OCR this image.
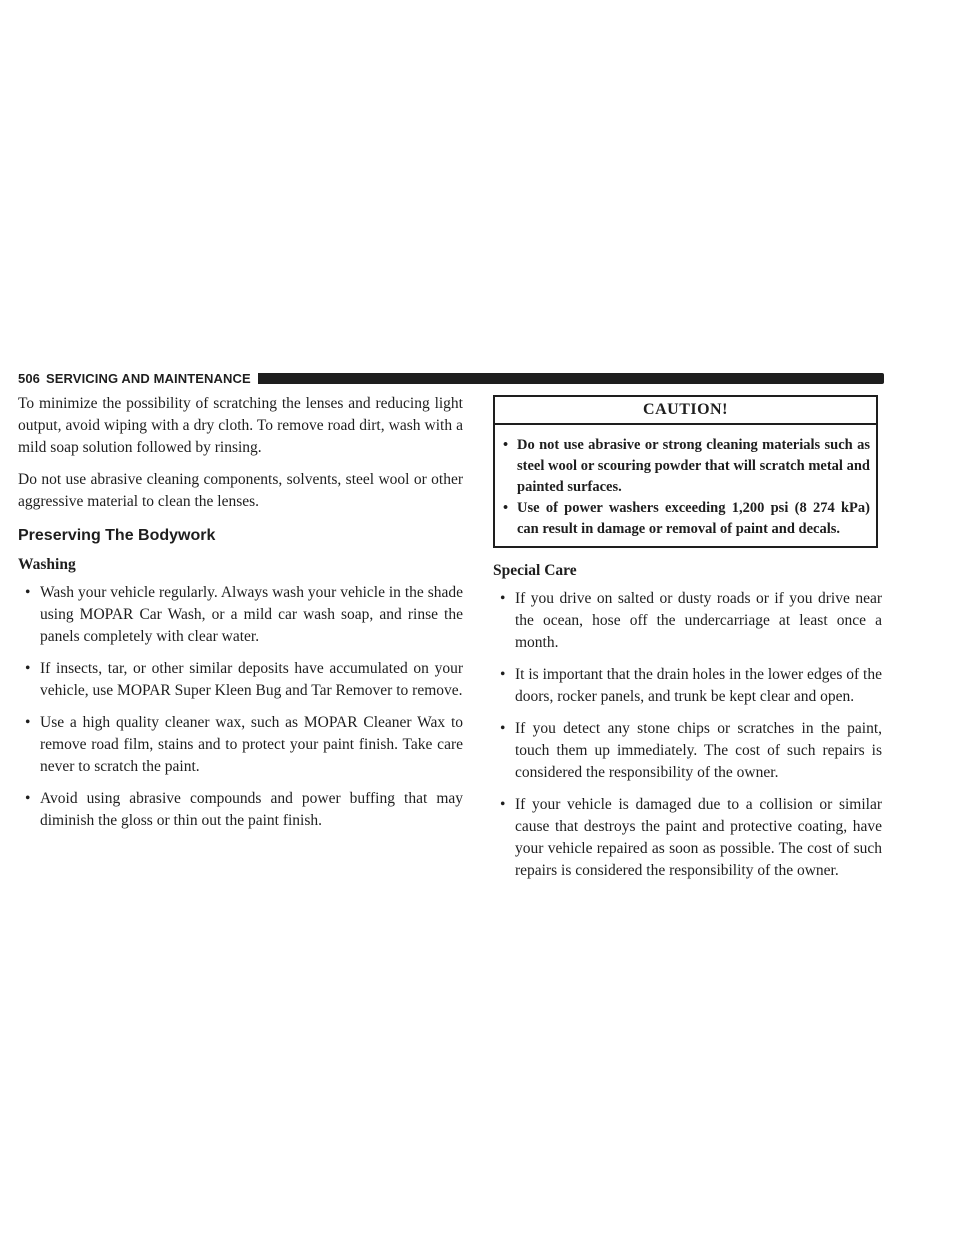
506 SERVICING AND MAINTENANCE

To minimize the possibility of scratching the lenses and reducing light output, avoid wiping with a dry cloth. To remove road dirt, wash with a mild soap solution followed by rinsing.

Do not use abrasive cleaning components, solvents, steel wool or other aggressive material to clean the lenses.

Preserving The Bodywork
Washing
• Wash your vehicle regularly. Always wash your vehicle in the shade using MOPAR Car Wash, or a mild car wash soap, and rinse the panels completely with clear water.
• If insects, tar, or other similar deposits have accumulated on your vehicle, use MOPAR Super Kleen Bug and Tar Remover to remove.
• Use a high quality cleaner wax, such as MOPAR Cleaner Wax to remove road film, stains and to protect your paint finish. Take care never to scratch the paint.
• Avoid using abrasive compounds and power buffing that may diminish the gloss or thin out the paint finish.
CAUTION!
• Do not use abrasive or strong cleaning materials such as steel wool or scouring powder that will scratch metal and painted surfaces.
• Use of power washers exceeding 1,200 psi (8 274 kPa) can result in damage or removal of paint and decals.
Special Care
• If you drive on salted or dusty roads or if you drive near the ocean, hose off the undercarriage at least once a month.
• It is important that the drain holes in the lower edges of the doors, rocker panels, and trunk be kept clear and open.
• If you detect any stone chips or scratches in the paint, touch them up immediately. The cost of such repairs is considered the responsibility of the owner.
• If your vehicle is damaged due to a collision or similar cause that destroys the paint and protective coating, have your vehicle repaired as soon as possible. The cost of such repairs is considered the responsibility of the owner.
